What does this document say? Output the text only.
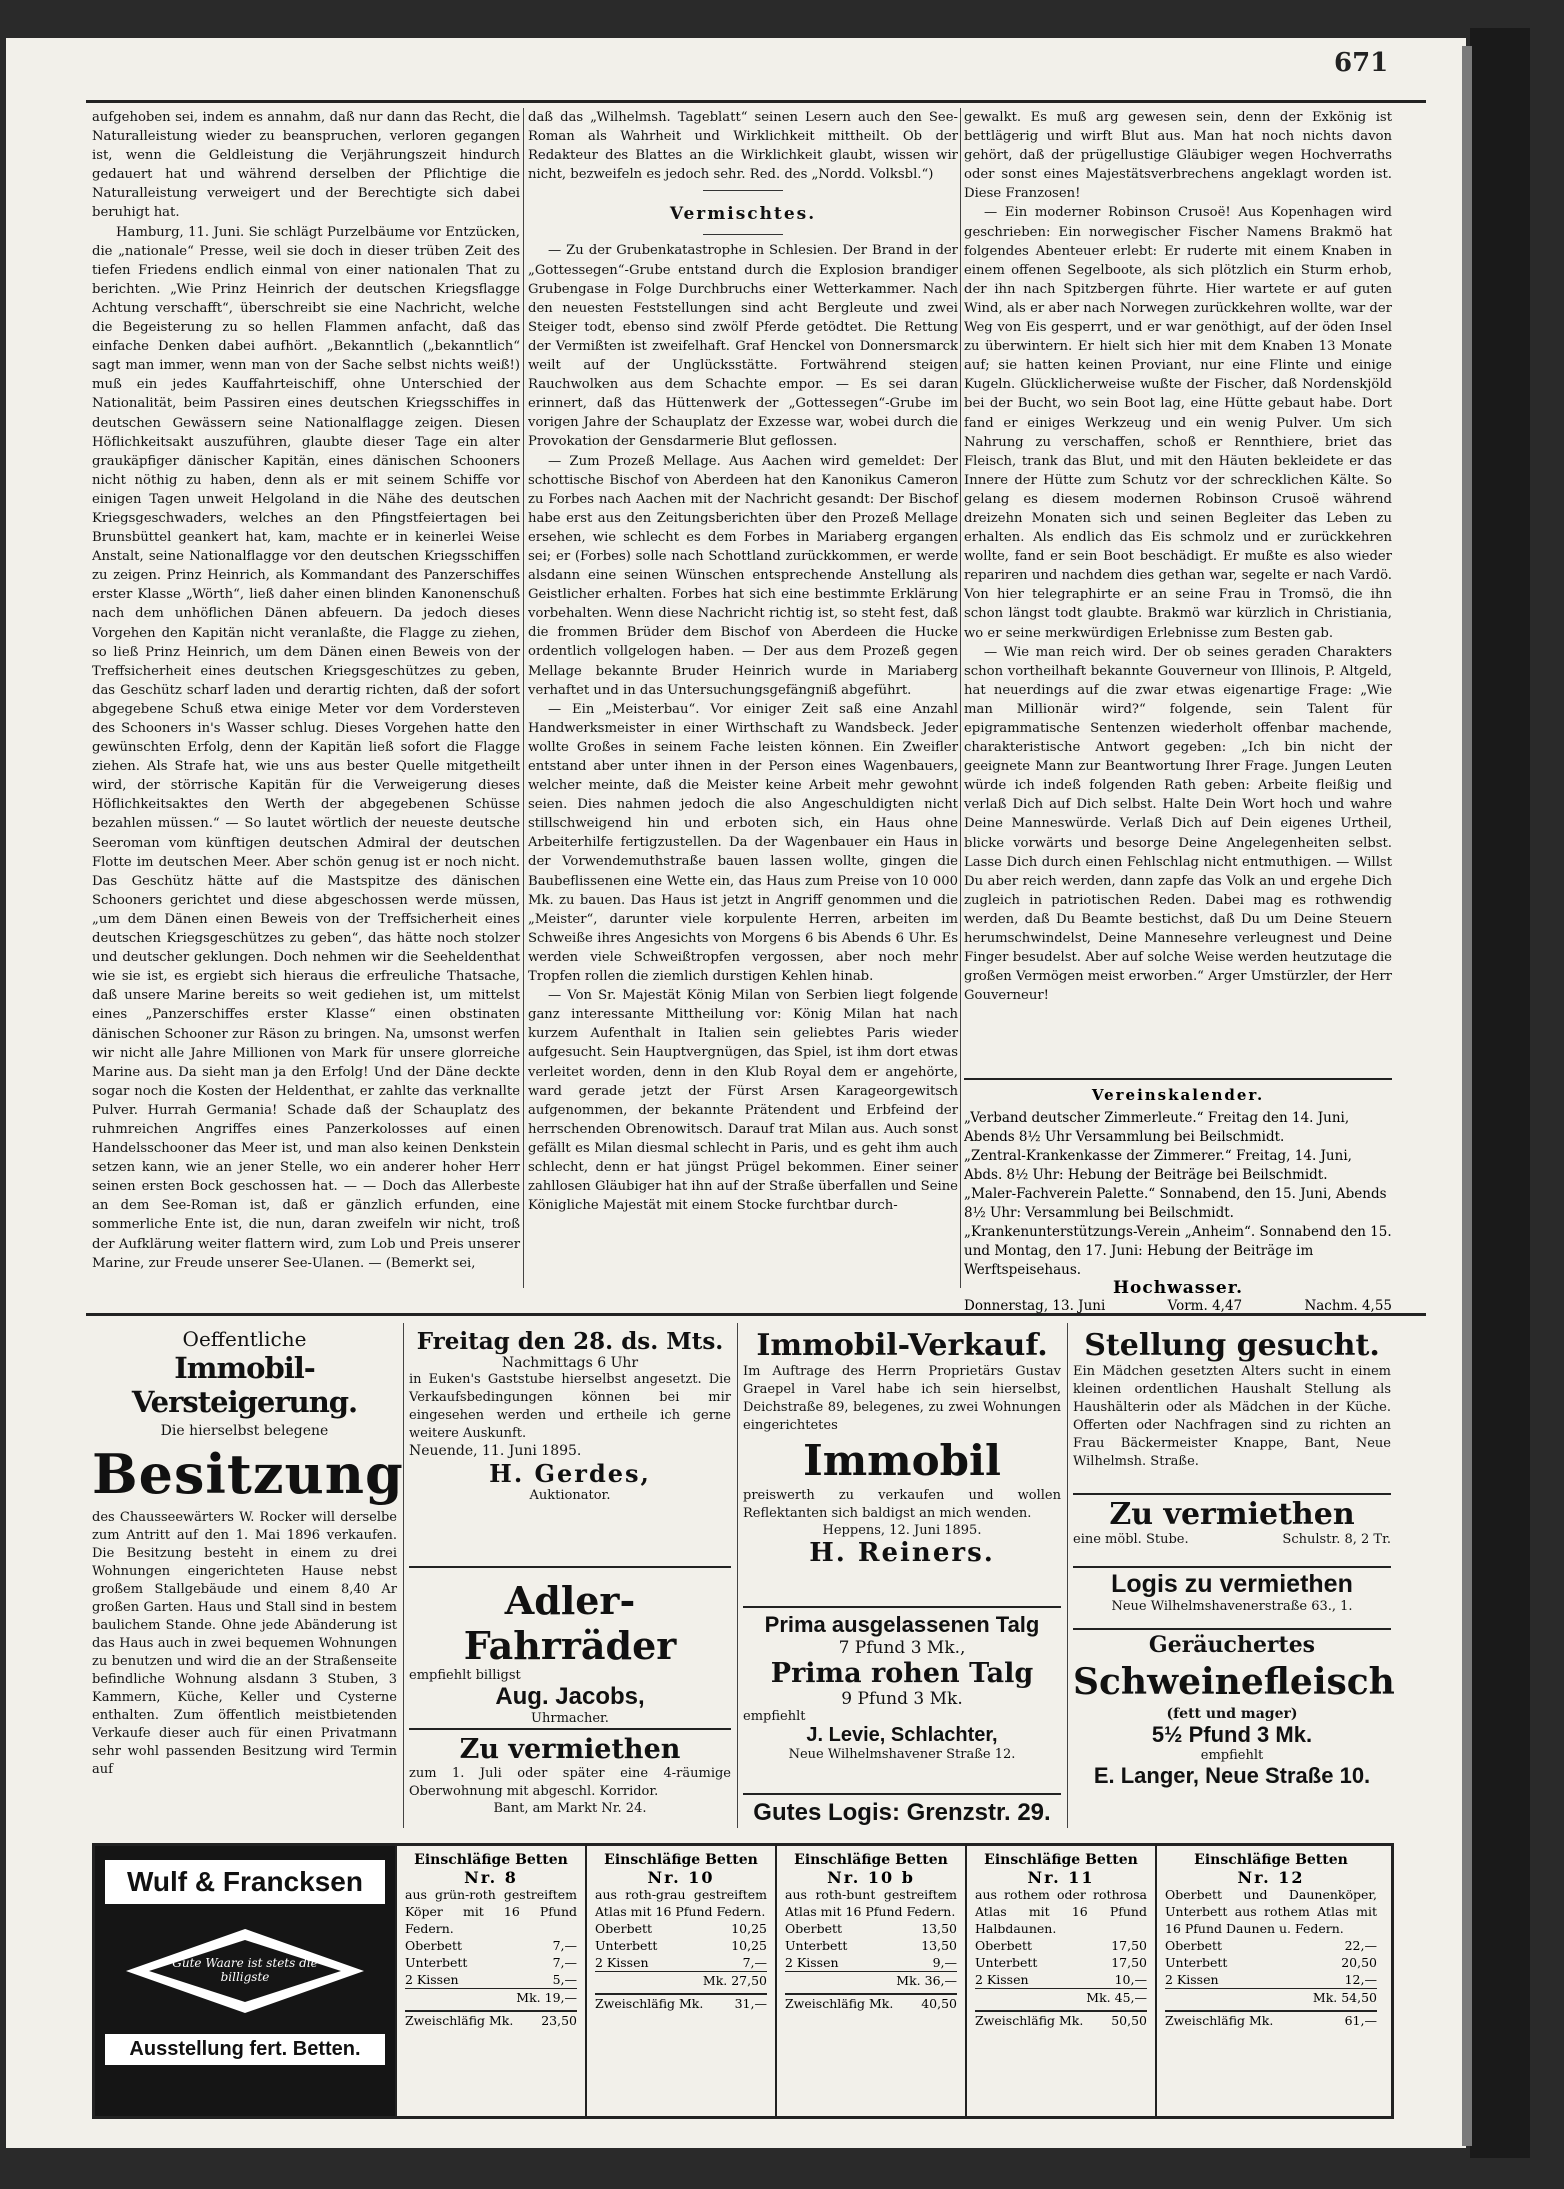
671

aufgehoben sei, indem es annahm, daß nur dann das Recht, die Naturalleistung wieder zu beanspruchen, verloren gegangen ist, wenn die Geldleistung die Verjährungszeit hindurch gedauert hat und während derselben der Pflichtige die Naturalleistung verweigert und der Berechtigte sich dabei beruhigt hat.

Hamburg, 11. Juni. Sie schlägt Purzelbäume vor Entzücken, die „nationale“ Presse, weil sie doch in dieser trüben Zeit des tiefen Friedens endlich einmal von einer nationalen That zu berichten. „Wie Prinz Heinrich der deutschen Kriegsflagge Achtung verschafft“, überschreibt sie eine Nachricht, welche die Begeisterung zu so hellen Flammen anfacht, daß das einfache Denken dabei aufhört. „Bekanntlich („bekanntlich“ sagt man immer, wenn man von der Sache selbst nichts weiß!) muß ein jedes Kauffahrteischiff, ohne Unterschied der Nationalität, beim Passiren eines deutschen Kriegsschiffes in deutschen Gewässern seine Nationalflagge zeigen. Diesen Höflichkeitsakt auszuführen, glaubte dieser Tage ein alter graukäpfiger dänischer Kapitän, eines dänischen Schooners nicht nöthig zu haben, denn als er mit seinem Schiffe vor einigen Tagen unweit Helgoland in die Nähe des deutschen Kriegsgeschwaders, welches an den Pfingstfeiertagen bei Brunsbüttel geankert hat, kam, machte er in keinerlei Weise Anstalt, seine Nationalflagge vor den deutschen Kriegsschiffen zu zeigen. Prinz Heinrich, als Kommandant des Panzerschiffes erster Klasse „Wörth“, ließ daher einen blinden Kanonenschuß nach dem unhöflichen Dänen abfeuern. Da jedoch dieses Vorgehen den Kapitän nicht veranlaßte, die Flagge zu ziehen, so ließ Prinz Heinrich, um dem Dänen einen Beweis von der Treffsicherheit eines deutschen Kriegsgeschützes zu geben, das Geschütz scharf laden und derartig richten, daß der sofort abgegebene Schuß etwa einige Meter vor dem Vordersteven des Schooners in's Wasser schlug. Dieses Vorgehen hatte den gewünschten Erfolg, denn der Kapitän ließ sofort die Flagge ziehen. Als Strafe hat, wie uns aus bester Quelle mitgetheilt wird, der störrische Kapitän für die Verweigerung dieses Höflichkeitsaktes den Werth der abgegebenen Schüsse bezahlen müssen.“ — So lautet wörtlich der neueste deutsche Seeroman vom künftigen deutschen Admiral der deutschen Flotte im deutschen Meer. Aber schön genug ist er noch nicht. Das Geschütz hätte auf die Mastspitze des dänischen Schooners gerichtet und diese abgeschossen werde müssen, „um dem Dänen einen Beweis von der Treffsicherheit eines deutschen Kriegsgeschützes zu geben“, das hätte noch stolzer und deutscher geklungen. Doch nehmen wir die Seeheldenthat wie sie ist, es ergiebt sich hieraus die erfreuliche Thatsache, daß unsere Marine bereits so weit gediehen ist, um mittelst eines „Panzerschiffes erster Klasse“ einen obstinaten dänischen Schooner zur Räson zu bringen. Na, umsonst werfen wir nicht alle Jahre Millionen von Mark für unsere glorreiche Marine aus. Da sieht man ja den Erfolg! Und der Däne deckte sogar noch die Kosten der Heldenthat, er zahlte das verknallte Pulver. Hurrah Germania! Schade daß der Schauplatz des ruhmreichen Angriffes eines Panzerkolosses auf einen Handelsschooner das Meer ist, und man also keinen Denkstein setzen kann, wie an jener Stelle, wo ein anderer hoher Herr seinen ersten Bock geschossen hat. — — Doch das Allerbeste an dem See-Roman ist, daß er gänzlich erfunden, eine sommerliche Ente ist, die nun, daran zweifeln wir nicht, troß der Aufklärung weiter flattern wird, zum Lob und Preis unserer Marine, zur Freude unserer See-Ulanen. — (Bemerkt sei,

daß das „Wilhelmsh. Tageblatt“ seinen Lesern auch den See-Roman als Wahrheit und Wirklichkeit mittheilt. Ob der Redakteur des Blattes an die Wirklichkeit glaubt, wissen wir nicht, bezweifeln es jedoch sehr. Red. des „Nordd. Volksbl.“)

Vermischtes.

— Zu der Grubenkatastrophe in Schlesien. Der Brand in der „Gottessegen“-Grube entstand durch die Explosion brandiger Grubengase in Folge Durchbruchs einer Wetterkammer. Nach den neuesten Feststellungen sind acht Bergleute und zwei Steiger todt, ebenso sind zwölf Pferde getödtet. Die Rettung der Vermißten ist zweifelhaft. Graf Henckel von Donnersmarck weilt auf der Unglücksstätte. Fortwährend steigen Rauchwolken aus dem Schachte empor. — Es sei daran erinnert, daß das Hüttenwerk der „Gottessegen“-Grube im vorigen Jahre der Schauplatz der Exzesse war, wobei durch die Provokation der Gensdarmerie Blut geflossen.

— Zum Prozeß Mellage. Aus Aachen wird gemeldet: Der schottische Bischof von Aberdeen hat den Kanonikus Cameron zu Forbes nach Aachen mit der Nachricht gesandt: Der Bischof habe erst aus den Zeitungsberichten über den Prozeß Mellage ersehen, wie schlecht es dem Forbes in Mariaberg ergangen sei; er (Forbes) solle nach Schottland zurückkommen, er werde alsdann eine seinen Wünschen entsprechende Anstellung als Geistlicher erhalten. Forbes hat sich eine bestimmte Erklärung vorbehalten. Wenn diese Nachricht richtig ist, so steht fest, daß die frommen Brüder dem Bischof von Aberdeen die Hucke ordentlich vollgelogen haben. — Der aus dem Prozeß gegen Mellage bekannte Bruder Heinrich wurde in Mariaberg verhaftet und in das Untersuchungsgefängniß abgeführt.

— Ein „Meisterbau“. Vor einiger Zeit saß eine Anzahl Handwerksmeister in einer Wirthschaft zu Wandsbeck. Jeder wollte Großes in seinem Fache leisten können. Ein Zweifler entstand aber unter ihnen in der Person eines Wagenbauers, welcher meinte, daß die Meister keine Arbeit mehr gewohnt seien. Dies nahmen jedoch die also Angeschuldigten nicht stillschweigend hin und erboten sich, ein Haus ohne Arbeiterhilfe fertigzustellen. Da der Wagenbauer ein Haus in der Vorwendemuthstraße bauen lassen wollte, gingen die Baubeflissenen eine Wette ein, das Haus zum Preise von 10 000 Mk. zu bauen. Das Haus ist jetzt in Angriff genommen und die „Meister“, darunter viele korpulente Herren, arbeiten im Schweiße ihres Angesichts von Morgens 6 bis Abends 6 Uhr. Es werden viele Schweißtropfen vergossen, aber noch mehr Tropfen rollen die ziemlich durstigen Kehlen hinab.

— Von Sr. Majestät König Milan von Serbien liegt folgende ganz interessante Mittheilung vor: König Milan hat nach kurzem Aufenthalt in Italien sein geliebtes Paris wieder aufgesucht. Sein Hauptvergnügen, das Spiel, ist ihm dort etwas verleitet worden, denn in den Klub Royal dem er angehörte, ward gerade jetzt der Fürst Arsen Karageorgewitsch aufgenommen, der bekannte Prätendent und Erbfeind der herrschenden Obrenowitsch. Darauf trat Milan aus. Auch sonst gefällt es Milan diesmal schlecht in Paris, und es geht ihm auch schlecht, denn er hat jüngst Prügel bekommen. Einer seiner zahllosen Gläubiger hat ihn auf der Straße überfallen und Seine Königliche Majestät mit einem Stocke furchtbar durch-

gewalkt. Es muß arg gewesen sein, denn der Exkönig ist bettlägerig und wirft Blut aus. Man hat noch nichts davon gehört, daß der prügellustige Gläubiger wegen Hochverraths oder sonst eines Majestätsverbrechens angeklagt worden ist. Diese Franzosen!

— Ein moderner Robinson Crusoë! Aus Kopenhagen wird geschrieben: Ein norwegischer Fischer Namens Brakmö hat folgendes Abenteuer erlebt: Er ruderte mit einem Knaben in einem offenen Segelboote, als sich plötzlich ein Sturm erhob, der ihn nach Spitzbergen führte. Hier wartete er auf guten Wind, als er aber nach Norwegen zurückkehren wollte, war der Weg von Eis gesperrt, und er war genöthigt, auf der öden Insel zu überwintern. Er hielt sich hier mit dem Knaben 13 Monate auf; sie hatten keinen Proviant, nur eine Flinte und einige Kugeln. Glücklicherweise wußte der Fischer, daß Nordenskjöld bei der Bucht, wo sein Boot lag, eine Hütte gebaut habe. Dort fand er einiges Werkzeug und ein wenig Pulver. Um sich Nahrung zu verschaffen, schoß er Rennthiere, briet das Fleisch, trank das Blut, und mit den Häuten bekleidete er das Innere der Hütte zum Schutz vor der schrecklichen Kälte. So gelang es diesem modernen Robinson Crusoë während dreizehn Monaten sich und seinen Begleiter das Leben zu erhalten. Als endlich das Eis schmolz und er zurückkehren wollte, fand er sein Boot beschädigt. Er mußte es also wieder repariren und nachdem dies gethan war, segelte er nach Vardö. Von hier telegraphirte er an seine Frau in Tromsö, die ihn schon längst todt glaubte. Brakmö war kürzlich in Christiania, wo er seine merkwürdigen Erlebnisse zum Besten gab.

— Wie man reich wird. Der ob seines geraden Charakters schon vortheilhaft bekannte Gouverneur von Illinois, P. Altgeld, hat neuerdings auf die zwar etwas eigenartige Frage: „Wie man Millionär wird?“ folgende, sein Talent für epigrammatische Sentenzen wiederholt offenbar machende, charakteristische Antwort gegeben: „Ich bin nicht der geeignete Mann zur Beantwortung Ihrer Frage. Jungen Leuten würde ich indeß folgenden Rath geben: Arbeite fleißig und verlaß Dich auf Dich selbst. Halte Dein Wort hoch und wahre Deine Manneswürde. Verlaß Dich auf Dein eigenes Urtheil, blicke vorwärts und besorge Deine Angelegenheiten selbst. Lasse Dich durch einen Fehlschlag nicht entmuthigen. — Willst Du aber reich werden, dann zapfe das Volk an und ergehe Dich zugleich in patriotischen Reden. Dabei mag es rothwendig werden, daß Du Beamte bestichst, daß Du um Deine Steuern herumschwindelst, Deine Mannesehre verleugnest und Deine Finger besudelst. Aber auf solche Weise werden heutzutage die großen Vermögen meist erworben.“ Arger Umstürzler, der Herr Gouverneur!

Vereinskalender.

„Verband deutscher Zimmerleute.“ Freitag den 14. Juni, Abends 8½ Uhr Versammlung bei Beilschmidt.

„Zentral-Krankenkasse der Zimmerer.“ Freitag, 14. Juni, Abds. 8½ Uhr: Hebung der Beiträge bei Beilschmidt.

„Maler-Fachverein Palette.“ Sonnabend, den 15. Juni, Abends 8½ Uhr: Versammlung bei Beilschmidt.

„Krankenunterstützungs-Verein „Anheim“. Sonnabend den 15. und Montag, den 17. Juni: Hebung der Beiträge im Werftspeisehaus.

Hochwasser.
Donnerstag, 13. Juni	Vorm. 4,47	Nachm. 4,55

Oeffentliche

Immobil-Versteigerung.

Die hierselbst belegene

Besitzung

des Chausseewärters W. Rocker will derselbe zum Antritt auf den 1. Mai 1896 verkaufen. Die Besitzung besteht in einem zu drei Wohnungen eingerichteten Hause nebst großem Stallgebäude und einem 8,40 Ar großen Garten. Haus und Stall sind in bestem baulichem Stande. Ohne jede Abänderung ist das Haus auch in zwei bequemen Wohnungen zu benutzen und wird die an der Straßenseite befindliche Wohnung alsdann 3 Stuben, 3 Kammern, Küche, Keller und Cysterne enthalten. Zum öffentlich meistbietenden Verkaufe dieser auch für einen Privatmann sehr wohl passenden Besitzung wird Termin auf

Freitag den 28. ds. Mts.

Nachmittags 6 Uhr

in Euken's Gaststube hierselbst angesetzt. Die Verkaufsbedingungen können bei mir eingesehen werden und ertheile ich gerne weitere Auskunft.

Neuende, 11. Juni 1895.

H. Gerdes,

Auktionator.

Adler-Fahrräder

empfiehlt billigst

Aug. Jacobs,

Uhrmacher.

Zu vermiethen

zum 1. Juli oder später eine 4-räumige Oberwohnung mit abgeschl. Korridor.

Bant, am Markt Nr. 24.

Immobil-Verkauf.

Im Auftrage des Herrn Proprietärs Gustav Graepel in Varel habe ich sein hierselbst, Deichstraße 89, belegenes, zu zwei Wohnungen eingerichtetes

Immobil

preiswerth zu verkaufen und wollen Reflektanten sich baldigst an mich wenden.

Heppens, 12. Juni 1895.

H. Reiners.

Prima ausgelassenen Talg

7 Pfund 3 Mk.,

Prima rohen Talg

9 Pfund 3 Mk.

empfiehlt

J. Levie, Schlachter,

Neue Wilhelmshavener Straße 12.

Gutes Logis: Grenzstr. 29.

Stellung gesucht.

Ein Mädchen gesetzten Alters sucht in einem kleinen ordentlichen Haushalt Stellung als Haushälterin oder als Mädchen in der Küche. Offerten oder Nachfragen sind zu richten an Frau Bäckermeister Knappe, Bant, Neue Wilhelmsh. Straße.

Zu vermiethen

eine möbl. Stube.	Schulstr. 8, 2 Tr.

Logis zu vermiethen

Neue Wilhelmshavenerstraße 63., 1.

Geräuchertes

Schweinefleisch

(fett und mager)

5½ Pfund 3 Mk.

empfiehlt

E. Langer, Neue Straße 10.

Wulf & Francksen
Gute Waare ist stets die billigste
Ausstellung fert. Betten.
Einschläfige Betten
Nr. 8
aus grün-roth gestreiftem Köper mit 16 Pfund Federn.
Oberbett	7,—
Unterbett	7,—
2 Kissen	5,—
Mk. 19,—
Zweischläfig Mk. 23,50
Einschläfige Betten
Nr. 10
aus roth-grau gestreiftem Atlas mit 16 Pfund Federn.
Oberbett	10,25
Unterbett	10,25
2 Kissen	7,—
Mk. 27,50
Zweischläfig Mk.	31,—
Einschläfige Betten
Nr. 10 b
aus roth-bunt gestreiftem Atlas mit 16 Pfund Federn.
Oberbett	13,50
Unterbett	13,50
2 Kissen	9,—
Mk. 36,—
Zweischläfig Mk. 40,50
Einschläfige Betten
Nr. 11
aus rothem oder rothrosa Atlas mit 16 Pfund Halbdaunen.
Oberbett	17,50
Unterbett	17,50
2 Kissen	10,—
Mk. 45,—
Zweischläfig Mk. 50,50
Einschläfige Betten
Nr. 12
Oberbett und Daunenköper, Unterbett aus rothem Atlas mit 16 Pfund Daunen u. Federn.
Oberbett	22,—
Unterbett	20,50
2 Kissen	12,—
Mk. 54,50
Zweischläfig Mk.	61,—
